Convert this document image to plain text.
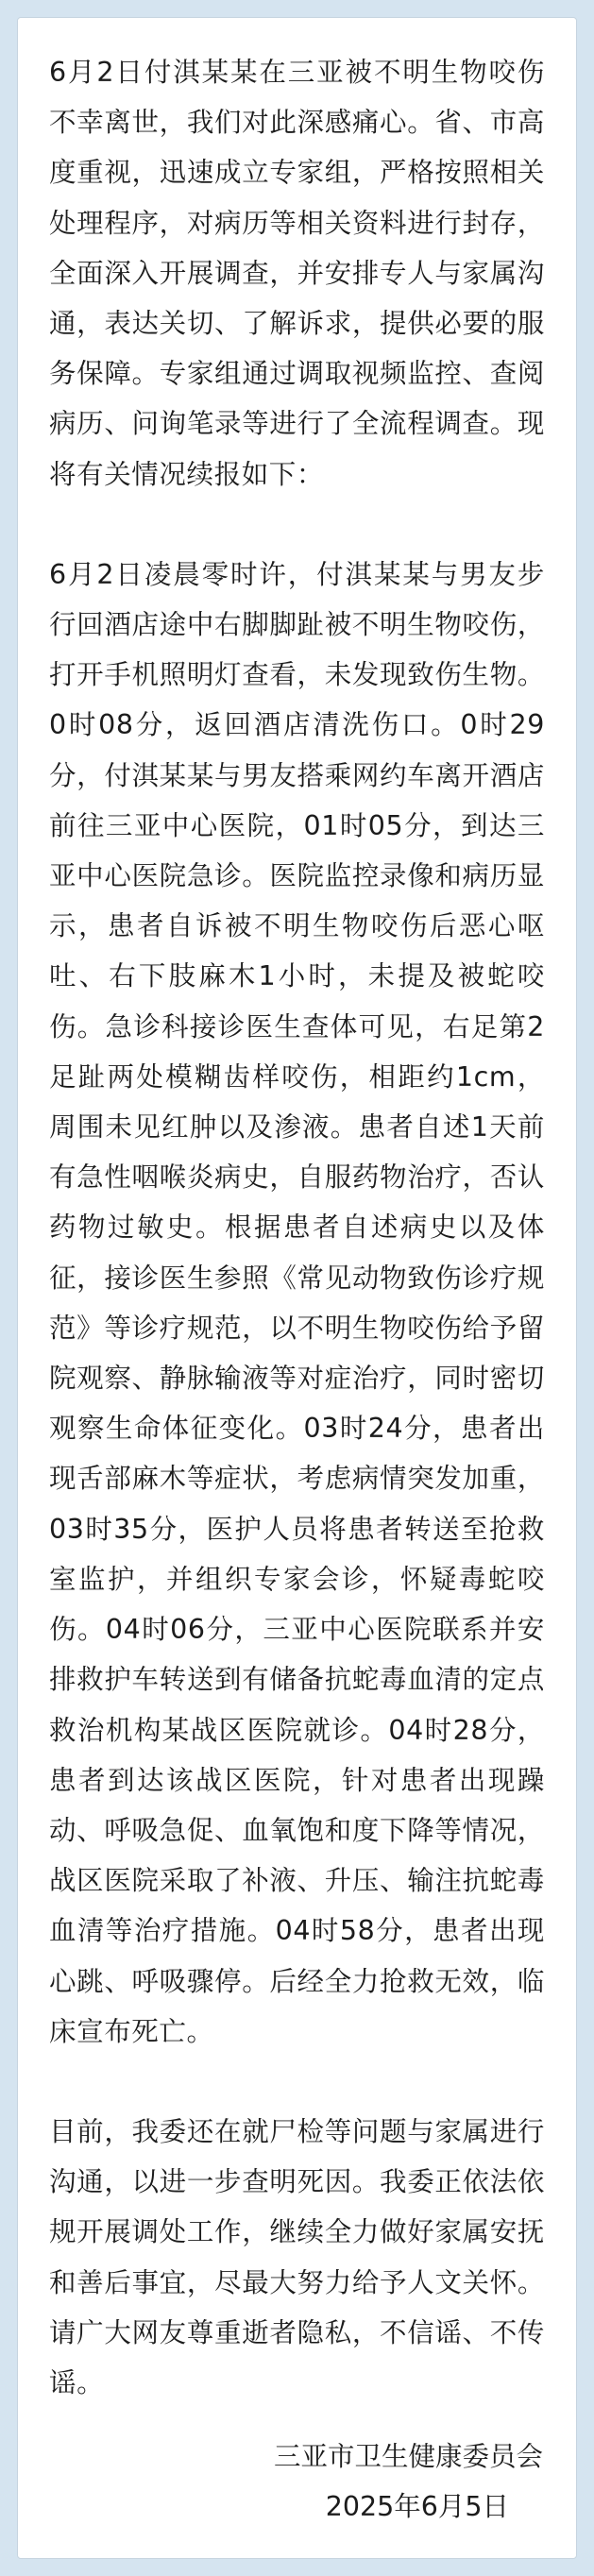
6月2日付淇某某在三亚被不明生物咬伤不幸离世，我们对此深感痛心。省、市高度重视，迅速成立专家组，严格按照相关处理程序，对病历等相关资料进行封存，全面深入开展调查，并安排专人与家属沟通，表达关切、了解诉求，提供必要的服务保障。专家组通过调取视频监控、查阅病历、问询笔录等进行了全流程调查。现将有关情况续报如下：

6月2日凌晨零时许，付淇某某与男友步行回酒店途中右脚脚趾被不明生物咬伤，打开手机照明灯查看，未发现致伤生物。0时08分，返回酒店清洗伤口。0时29分，付淇某某与男友搭乘网约车离开酒店前往三亚中心医院，01时05分，到达三亚中心医院急诊。医院监控录像和病历显示，患者自诉被不明生物咬伤后恶心呕吐、右下肢麻木1小时，未提及被蛇咬伤。急诊科接诊医生查体可见，右足第2足趾两处模糊齿样咬伤，相距约1cm，周围未见红肿以及渗液。患者自述1天前有急性咽喉炎病史，自服药物治疗，否认药物过敏史。根据患者自述病史以及体征，接诊医生参照《常见动物致伤诊疗规范》等诊疗规范，以不明生物咬伤给予留院观察、静脉输液等对症治疗，同时密切观察生命体征变化。03时24分，患者出现舌部麻木等症状，考虑病情突发加重，03时35分，医护人员将患者转送至抢救室监护，并组织专家会诊，怀疑毒蛇咬伤。04时06分，三亚中心医院联系并安排救护车转送到有储备抗蛇毒血清的定点救治机构某战区医院就诊。04时28分，患者到达该战区医院，针对患者出现躁动、呼吸急促、血氧饱和度下降等情况，战区医院采取了补液、升压、输注抗蛇毒血清等治疗措施。04时58分，患者出现心跳、呼吸骤停。后经全力抢救无效，临床宣布死亡。

目前，我委还在就尸检等问题与家属进行沟通，以进一步查明死因。我委正依法依规开展调处工作，继续全力做好家属安抚和善后事宜，尽最大努力给予人文关怀。请广大网友尊重逝者隐私，不信谣、不传谣。

三亚市卫生健康委员会
2025年6月5日
